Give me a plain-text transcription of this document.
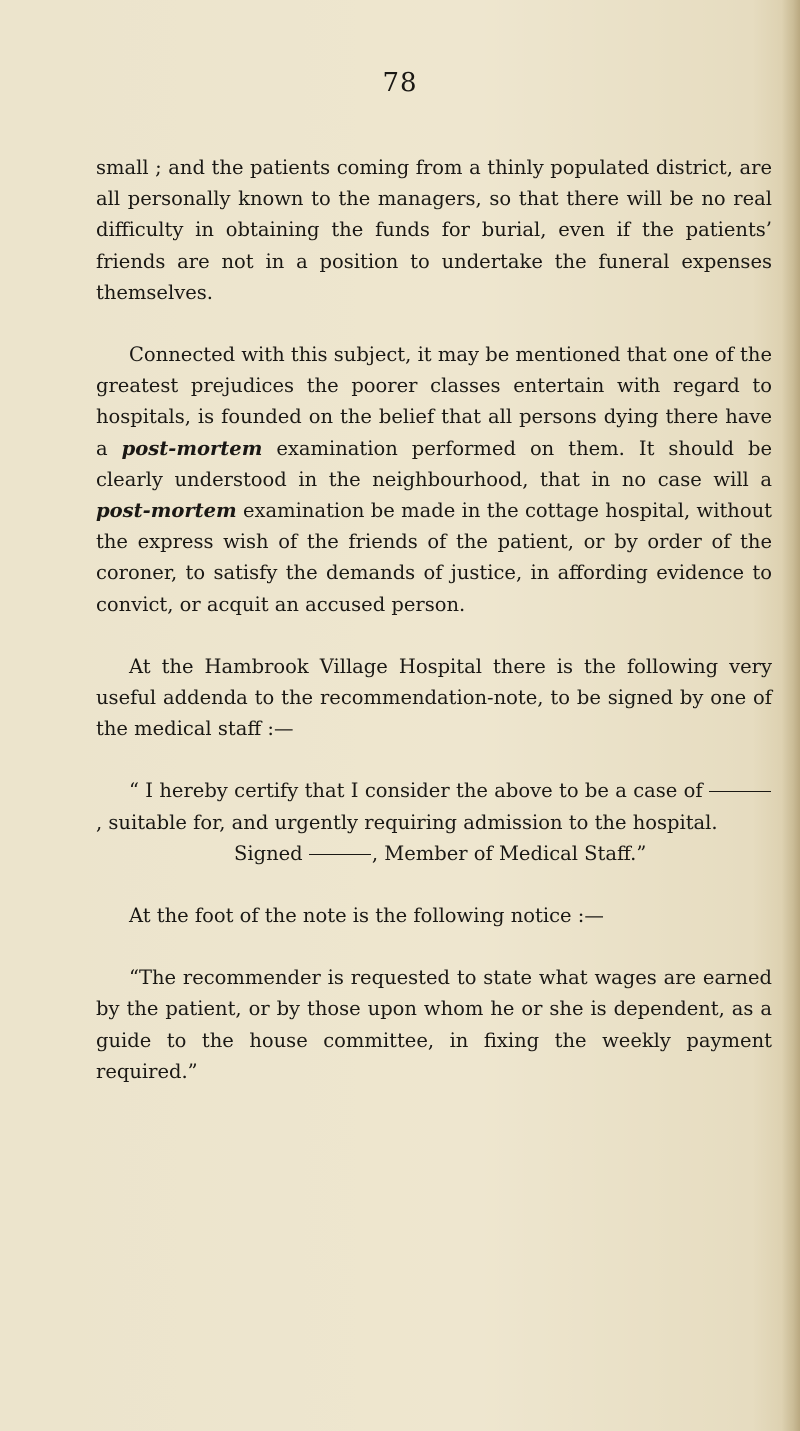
78

small ; and the patients coming from a thinly populated district, are all personally known to the managers, so that there will be no real difficulty in obtaining the funds for burial, even if the patients’ friends are not in a position to undertake the funeral expenses themselves.

Connected with this subject, it may be mentioned that one of the greatest prejudices the poorer classes entertain with regard to hospitals, is founded on the belief that all persons dying there have a post-mortem examination performed on them. It should be clearly understood in the neighbourhood, that in no case will a post-mortem examination be made in the cottage hospital, without the express wish of the friends of the patient, or by order of the coroner, to satisfy the demands of justice, in affording evidence to convict, or acquit an accused person.

At the Hambrook Village Hospital there is the following very useful addenda to the recommendation-note, to be signed by one of the medical staff :—

“ I hereby certify that I consider the above to be a case of , suitable for, and urgently requiring admission to the hospital.

Signed	, Member of Medical Staff.”

At the foot of the note is the following notice :—

“The recommender is requested to state what wages are earned by the patient, or by those upon whom he or she is dependent, as a guide to the house committee, in fixing the weekly payment required.”
